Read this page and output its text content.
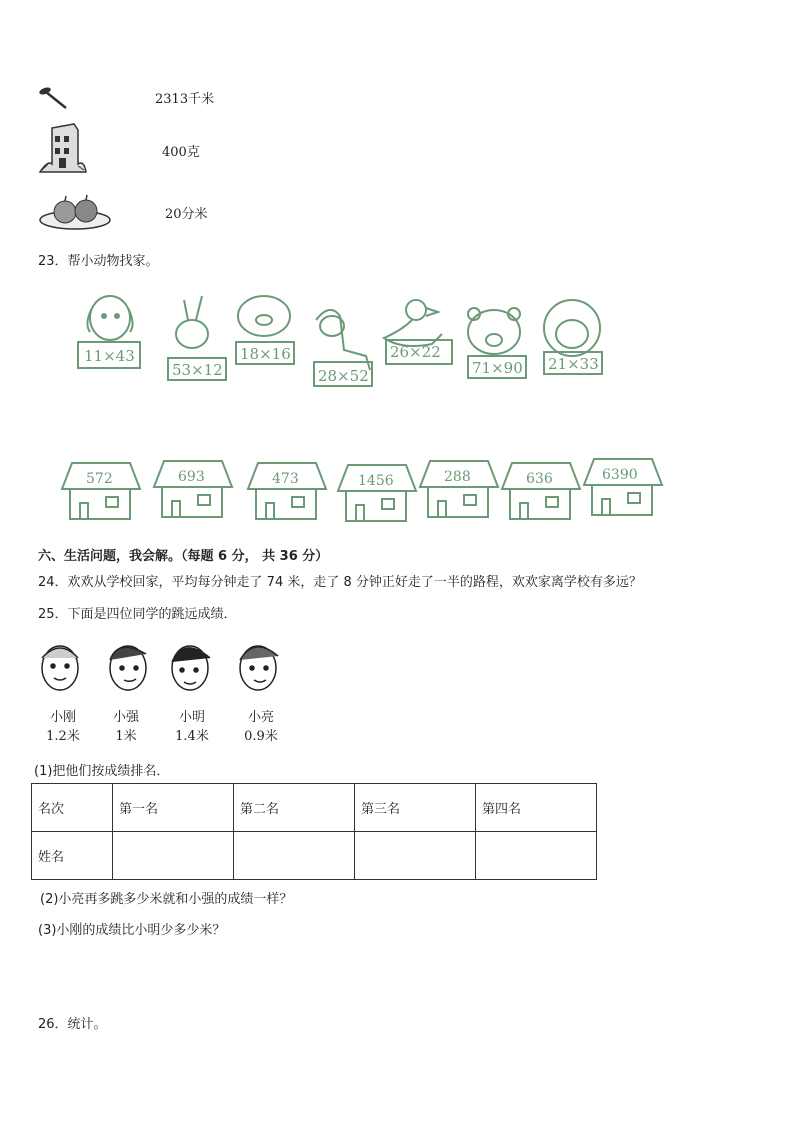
2313千米
400克
20分米
23．帮小动物找家。
11×43
53×12
18×16
28×52
26×22
71×90 21×33
572	693	473	1456	288	636	6390
六、生活问题，我会解。（每题 6 分， 共 36 分）
24．欢欢从学校回家，平均每分钟走了 74 米，走了 8 分钟正好走了一半的路程，欢欢家离学校有多远？
25．下面是四位同学的跳远成绩．
小刚
1.2米
小强
1米
小明
1.4米
小亮
0.9米
(1)把他们按成绩排名．
名次	第一名	第二名	第三名	第四名
姓名				
(2)小亮再多跳多少米就和小强的成绩一样？
(3)小刚的成绩比小明少多少米？
26．统计。
